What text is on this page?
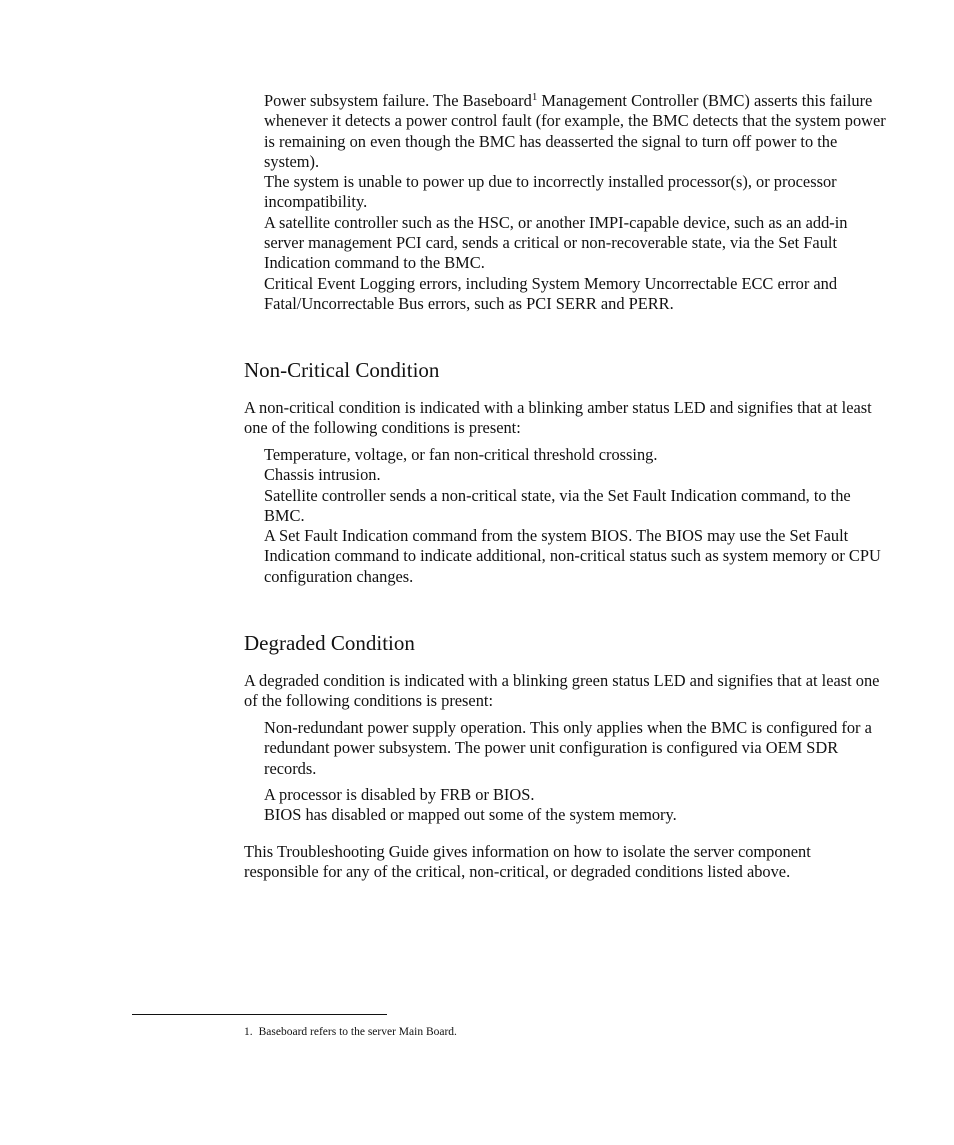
Power subsystem failure. The Baseboard$^1$ Management Controller (BMC) asserts this failure whenever it detects a power control fault (for example, the BMC detects that the system power is remaining on even though the BMC has deasserted the signal to turn off power to the system).
The system is unable to power up due to incorrectly installed processor(s), or processor incompatibility.
A satellite controller such as the HSC, or another IMPI-capable device, such as an add-in server management PCI card, sends a critical or non-recoverable state, via the Set Fault Indication command to the BMC.
Critical Event Logging errors, including System Memory Uncorrectable ECC error and Fatal/Uncorrectable Bus errors, such as PCI SERR and PERR.
Non-Critical Condition

A non-critical condition is indicated with a blinking amber status LED and signifies that at least one of the following conditions is present:

Temperature, voltage, or fan non-critical threshold crossing.
Chassis intrusion.
Satellite controller sends a non-critical state, via the Set Fault Indication command, to the BMC.
A Set Fault Indication command from the system BIOS. The BIOS may use the Set Fault Indication command to indicate additional, non-critical status such as system memory or CPU configuration changes.
Degraded Condition

A degraded condition is indicated with a blinking green status LED and signifies that at least one of the following conditions is present:

Non-redundant power supply operation. This only applies when the BMC is configured for a redundant power subsystem. The power unit configuration is configured via OEM SDR records.
A processor is disabled by FRB or BIOS.
BIOS has disabled or mapped out some of the system memory.

This Troubleshooting Guide gives information on how to isolate the server component responsible for any of the critical, non-critical, or degraded conditions listed above.

1. Baseboard refers to the server Main Board.
